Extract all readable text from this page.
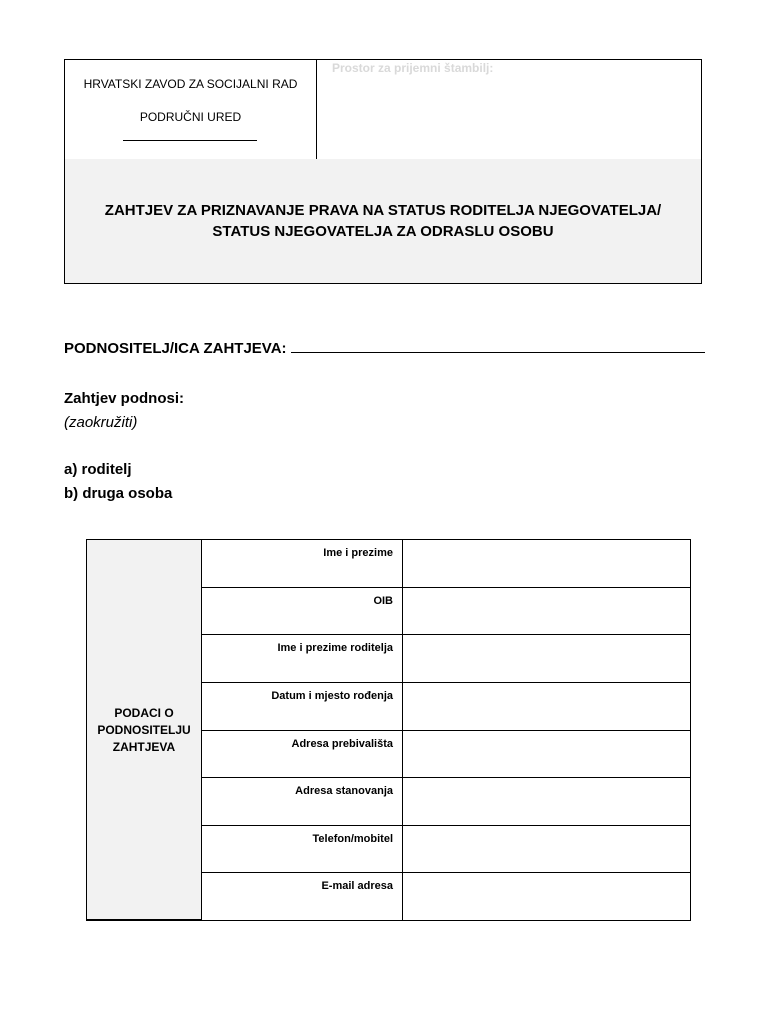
HRVATSKI ZAVOD ZA SOCIJALNI RAD
PODRUČNI URED
Prostor za prijemni štambilj:
ZAHTJEV ZA PRIZNAVANJE PRAVA NA STATUS RODITELJA NJEGOVATELJA/
STATUS NJEGOVATELJA ZA ODRASLU OSOBU
PODNOSITELJ/ICA ZAHTJEVA:
Zahtjev podnosi:
(zaokružiti)
a) roditelj
b) druga osoba
PODACI O
PODNOSITELJU
ZAHTJEVA	Ime i prezime	
	OIB	
	Ime i prezime roditelja	
	Datum i mjesto rođenja	
	Adresa prebivališta	
	Adresa stanovanja	
	Telefon/mobitel	
	E-mail adresa	
